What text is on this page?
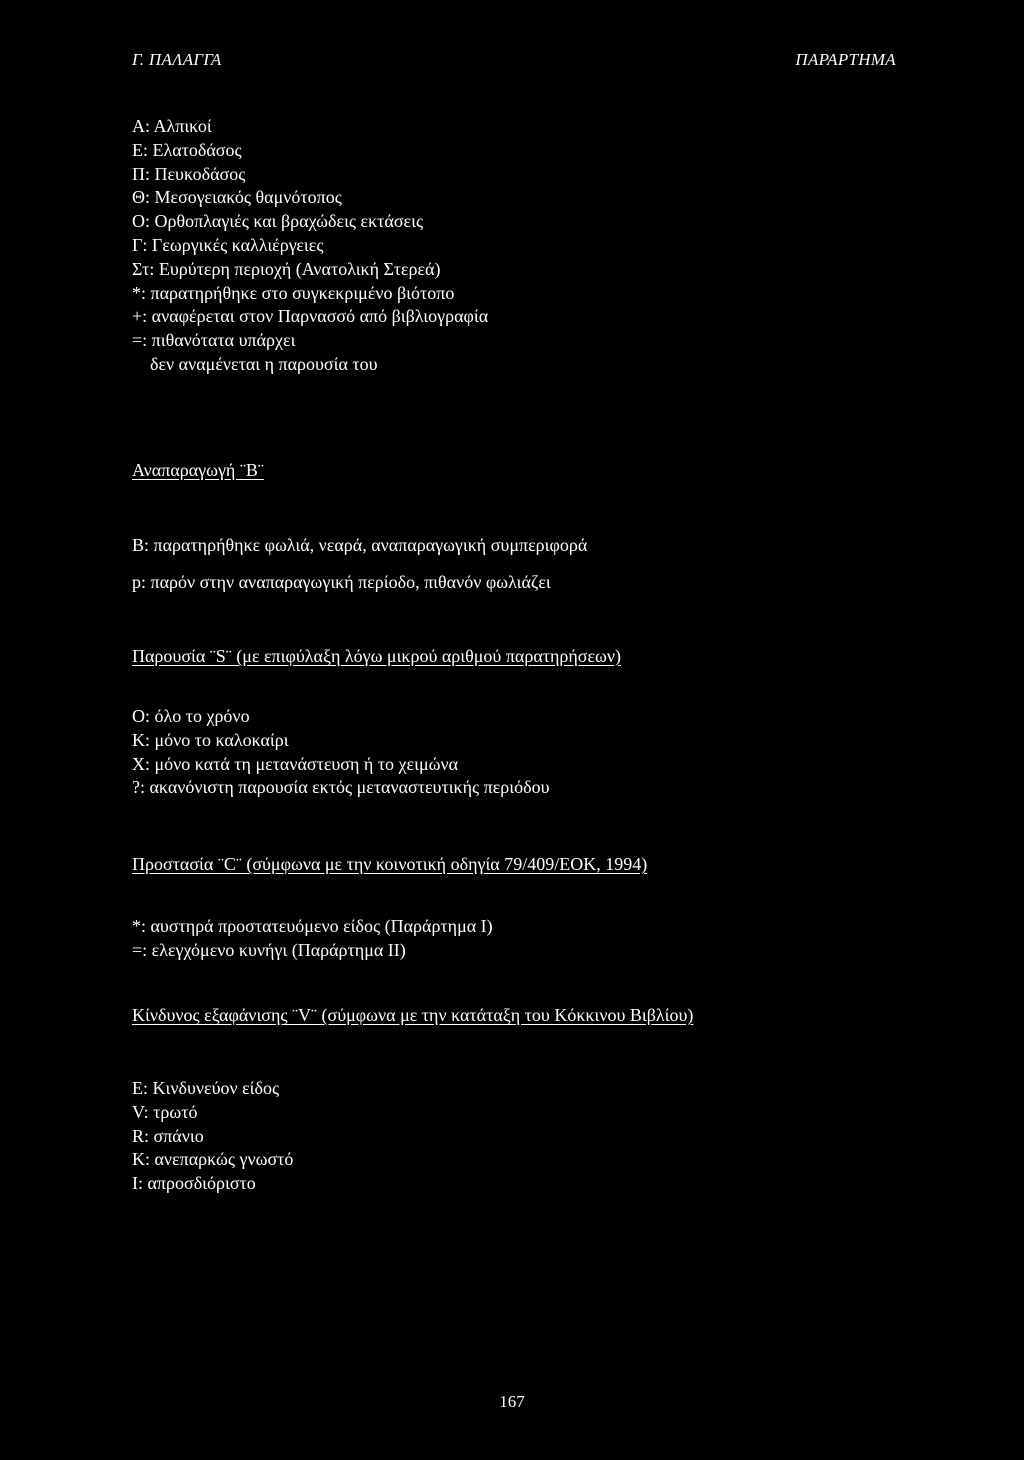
Γ. ΠΑΛΑΓΓΑ	ΠΑΡΑΡΤΗΜΑ
Α: Αλπικοί
Ε: Ελατοδάσος
Π: Πευκοδάσος
Θ: Μεσογειακός θαμνότοπος
Ο: Ορθοπλαγιές και βραχώδεις εκτάσεις
Γ: Γεωργικές καλλιέργειες
Στ: Ευρύτερη περιοχή (Ανατολική Στερεά)
*: παρατηρήθηκε στο συγκεκριμένο βιότοπο
+: αναφέρεται στον Παρνασσό από βιβλιογραφία
=: πιθανότατα υπάρχει
δεν αναμένεται η παρουσία του
Αναπαραγωγή ¨Β¨
Β: παρατηρήθηκε φωλιά, νεαρά, αναπαραγωγική συμπεριφορά
p: παρόν στην αναπαραγωγική περίοδο, πιθανόν φωλιάζει
Παρουσία ¨S¨ (με επιφύλαξη λόγω μικρού αριθμού παρατηρήσεων)
Ο: όλο το χρόνο
Κ: μόνο το καλοκαίρι
Χ: μόνο κατά τη μετανάστευση ή το χειμώνα
?: ακανόνιστη παρουσία εκτός μεταναστευτικής περιόδου
Προστασία ¨C¨ (σύμφωνα με την κοινοτική οδηγία 79/409/ΕΟΚ, 1994)
*: αυστηρά προστατευόμενο είδος (Παράρτημα Ι)
=: ελεγχόμενο κυνήγι (Παράρτημα ΙΙ)
Κίνδυνος εξαφάνισης ¨V¨ (σύμφωνα με την κατάταξη του Κόκκινου Βιβλίου)
Ε: Κινδυνεύον είδος
V: τρωτό
R: σπάνιο
Κ: ανεπαρκώς γνωστό
Ι: απροσδιόριστο
167
